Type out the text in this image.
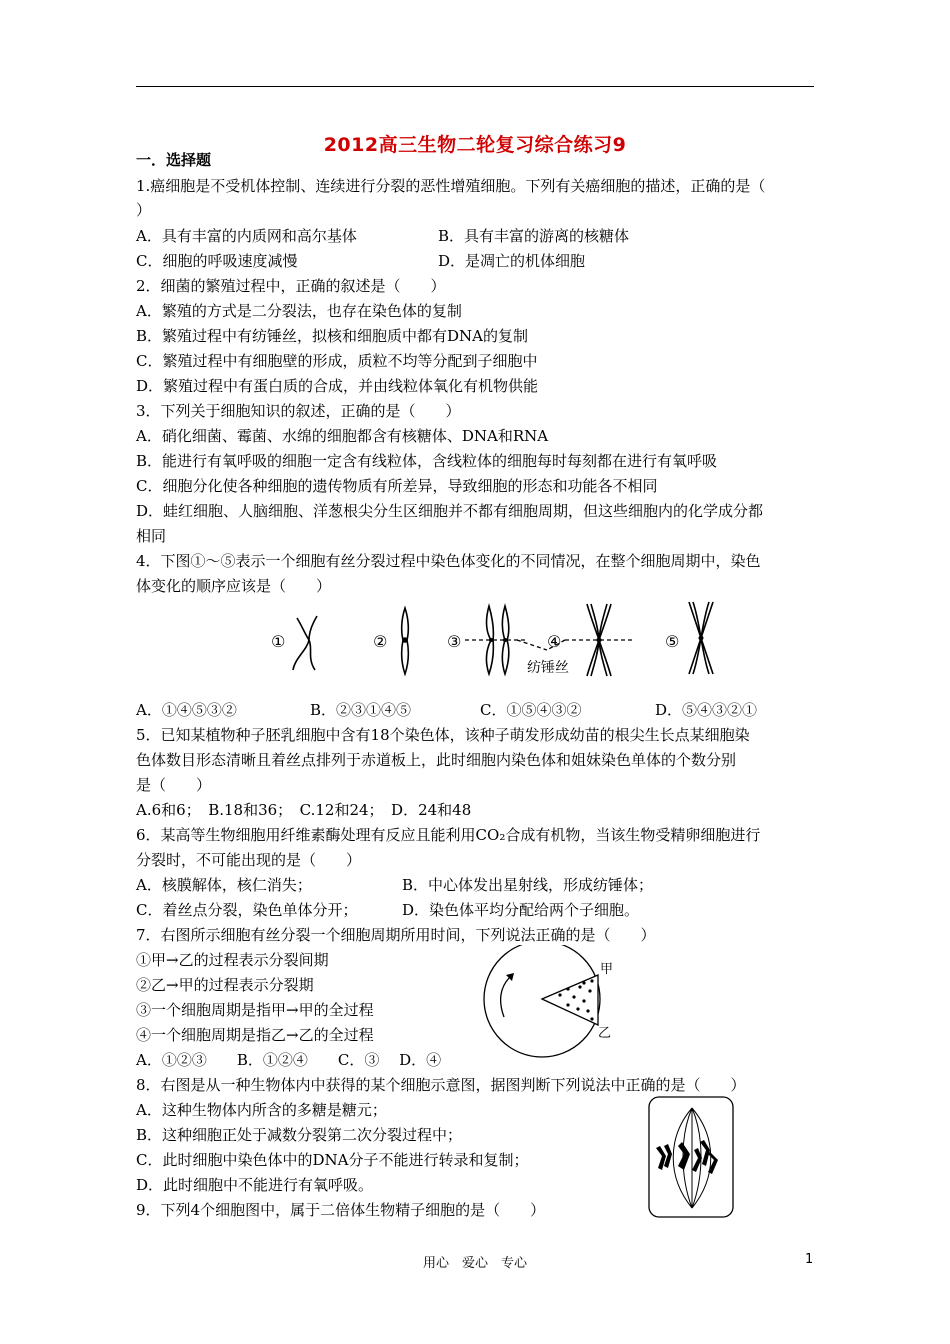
2012高三生物二轮复习综合练习9
一．选择题
1.癌细胞是不受机体控制、连续进行分裂的恶性增殖细胞。下列有关癌细胞的描述，正确的是（
）
A．具有丰富的内质网和高尔基体	B．具有丰富的游离的核糖体
C．细胞的呼吸速度减慢	D．是凋亡的机体细胞
2．细菌的繁殖过程中，正确的叙述是（　　）
A．繁殖的方式是二分裂法，也存在染色体的复制
B．繁殖过程中有纺锤丝，拟核和细胞质中都有DNA的复制
C．繁殖过程中有细胞壁的形成，质粒不均等分配到子细胞中
D．繁殖过程中有蛋白质的合成，并由线粒体氧化有机物供能
3．下列关于细胞知识的叙述，正确的是（　　）
A．硝化细菌、霉菌、水绵的细胞都含有核糖体、DNA和RNA
B．能进行有氧呼吸的细胞一定含有线粒体，含线粒体的细胞每时每刻都在进行有氧呼吸
C．细胞分化使各种细胞的遗传物质有所差异，导致细胞的形态和功能各不相同
D．蛙红细胞、人脑细胞、洋葱根尖分生区细胞并不都有细胞周期，但这些细胞内的化学成分都
相同
4．下图①～⑤表示一个细胞有丝分裂过程中染色体变化的不同情况，在整个细胞周期中，染色
体变化的顺序应该是（　　）
①	②	③	④	⑤
纺锤丝
A．①④⑤③②	B．②③①④⑤	C．①⑤④③②	D．⑤④③②①
5．已知某植物种子胚乳细胞中含有18个染色体，该种子萌发形成幼苗的根尖生长点某细胞染
色体数目形态清晰且着丝点排列于赤道板上，此时细胞内染色体和姐妹染色单体的个数分别
是（　　）
A.6和6；　B.18和36；　C.12和24；　D．24和48
6．某高等生物细胞用纤维素酶处理有反应且能利用CO₂合成有机物，当该生物受精卵细胞进行
分裂时，不可能出现的是（　　）
A．核膜解体，核仁消失；	B．中心体发出星射线，形成纺锤体；
C．着丝点分裂，染色单体分开；	D．染色体平均分配给两个子细胞。
7．右图所示细胞有丝分裂一个细胞周期所用时间，下列说法正确的是（　　）
①甲→乙的过程表示分裂间期
②乙→甲的过程表示分裂期
③一个细胞周期是指甲→甲的全过程
④一个细胞周期是指乙→乙的全过程
A．①②③　　B．①②④　　C．③　 D．④
8．右图是从一种生物体内中获得的某个细胞示意图，据图判断下列说法中正确的是（　　）
A．这种生物体内所含的多糖是糖元；
B．这种细胞正处于减数分裂第二次分裂过程中；
C．此时细胞中染色体中的DNA分子不能进行转录和复制；
D．此时细胞中不能进行有氧呼吸。
9．下列4个细胞图中，属于二倍体生物精子细胞的是（　　）
甲
乙
用心　爱心　专心	1
